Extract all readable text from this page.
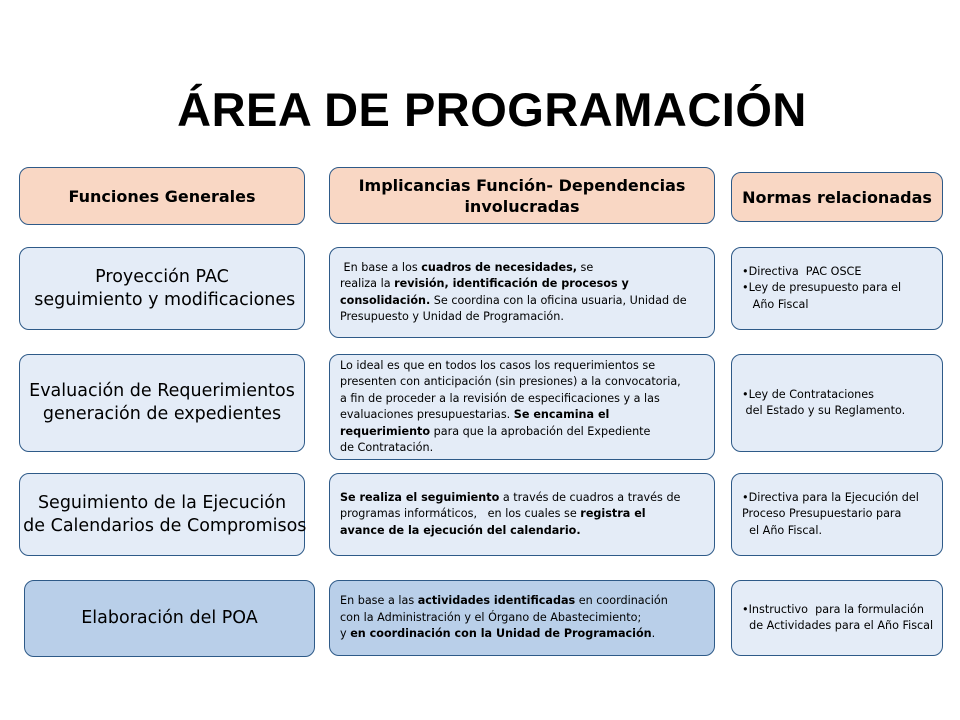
ÁREA DE PROGRAMACIÓN
Funciones Generales
Implicancias Función- Dependencias
involucradas	Normas relacionadas
Proyección PAC
seguimiento y modificaciones
En base a los cuadros de necesidades, se
realiza la revisión, identificación de procesos y
consolidación. Se coordina con la oficina usuaria, Unidad de
Presupuesto y Unidad de Programación.
•Directiva  PAC OSCE
•Ley de presupuesto para el
Año Fiscal
Evaluación de Requerimientos
generación de expedientes
Lo ideal es que en todos los casos los requerimientos se
presenten con anticipación (sin presiones) a la convocatoria,
a fin de proceder a la revisión de especificaciones y a las
evaluaciones presupuestarias. Se encamina el
requerimiento para que la aprobación del Expediente
de Contratación.
•Ley de Contrataciones
del Estado y su Reglamento.
Seguimiento de la Ejecución
de Calendarios de Compromisos
Se realiza el seguimiento a través de cuadros a través de
programas informáticos,   en los cuales se registra el
avance de la ejecución del calendario.
•Directiva para la Ejecución del
Proceso Presupuestario para
el Año Fiscal.
Elaboración del POA
En base a las actividades identificadas en coordinación
con la Administración y el Órgano de Abastecimiento;
y en coordinación con la Unidad de Programación.
•Instructivo  para la formulación
de Actividades para el Año Fiscal
